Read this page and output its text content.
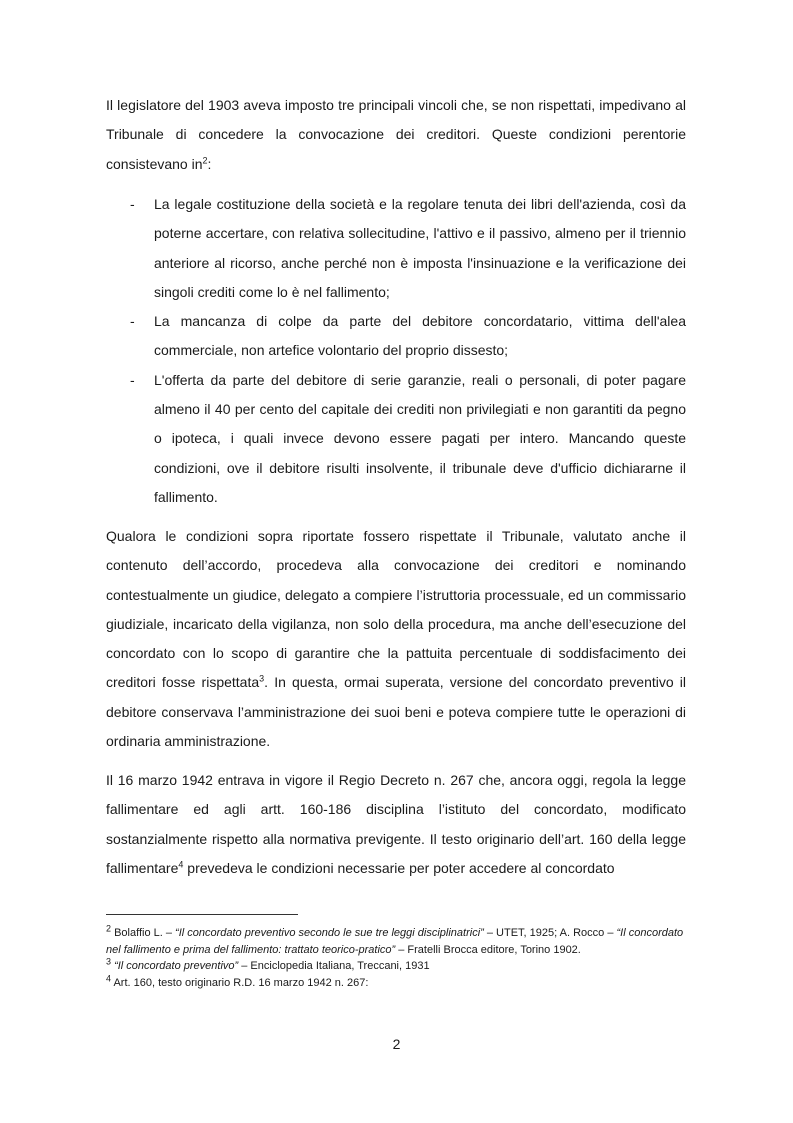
Il legislatore del 1903 aveva imposto tre principali vincoli che, se non rispettati, impedivano al Tribunale di concedere la convocazione dei creditori. Queste condizioni perentorie consistevano $in^2$:

- La legale costituzione della società e la regolare tenuta dei libri dell'azienda, così da poterne accertare, con relativa sollecitudine, l'attivo e il passivo, almeno per il triennio anteriore al ricorso, anche perché non è imposta l'insinuazione e la verificazione dei singoli crediti come lo è nel fallimento;
- La mancanza di colpe da parte del debitore concordatario, vittima dell'alea commerciale, non artefice volontario del proprio dissesto;
- L'offerta da parte del debitore di serie garanzie, reali o personali, di poter pagare almeno il 40 per cento del capitale dei crediti non privilegiati e non garantiti da pegno o ipoteca, i quali invece devono essere pagati per intero. Mancando queste condizioni, ove il debitore risulti insolvente, il tribunale deve d'ufficio dichiararne il fallimento.

Qualora le condizioni sopra riportate fossero rispettate il Tribunale, valutato anche il contenuto dell’accordo, procedeva alla convocazione dei creditori e nominando contestualmente un giudice, delegato a compiere l’istruttoria processuale, ed un commissario giudiziale, incaricato della vigilanza, non solo della procedura, ma anche dell’esecuzione del concordato con lo scopo di garantire che la pattuita percentuale di soddisfacimento dei creditori fosse rispettata$^3$. In questa, ormai superata, versione del concordato preventivo il debitore conservava l’amministrazione dei suoi beni e poteva compiere tutte le operazioni di ordinaria amministrazione.

Il 16 marzo 1942 entrava in vigore il Regio Decreto n. 267 che, ancora oggi, regola la legge fallimentare ed agli artt. 160-186 disciplina l’istituto del concordato, modificato sostanzialmente rispetto alla normativa previgente. Il testo originario dell’art. 160 della legge fallimentare$^4$ prevedeva le condizioni necessarie per poter accedere al concordato

$^2$ Bolaffio L. – “Il concordato preventivo secondo le sue tre leggi disciplinatrici” – UTET, 1925; A. Rocco – “Il concordato nel fallimento e prima del fallimento: trattato teorico-pratico” – Fratelli Brocca editore, Torino 1902.

$^3$ “Il concordato preventivo” – Enciclopedia Italiana, Treccani, 1931

$^4$ Art. 160, testo originario R.D. 16 marzo 1942 n. 267:

2
